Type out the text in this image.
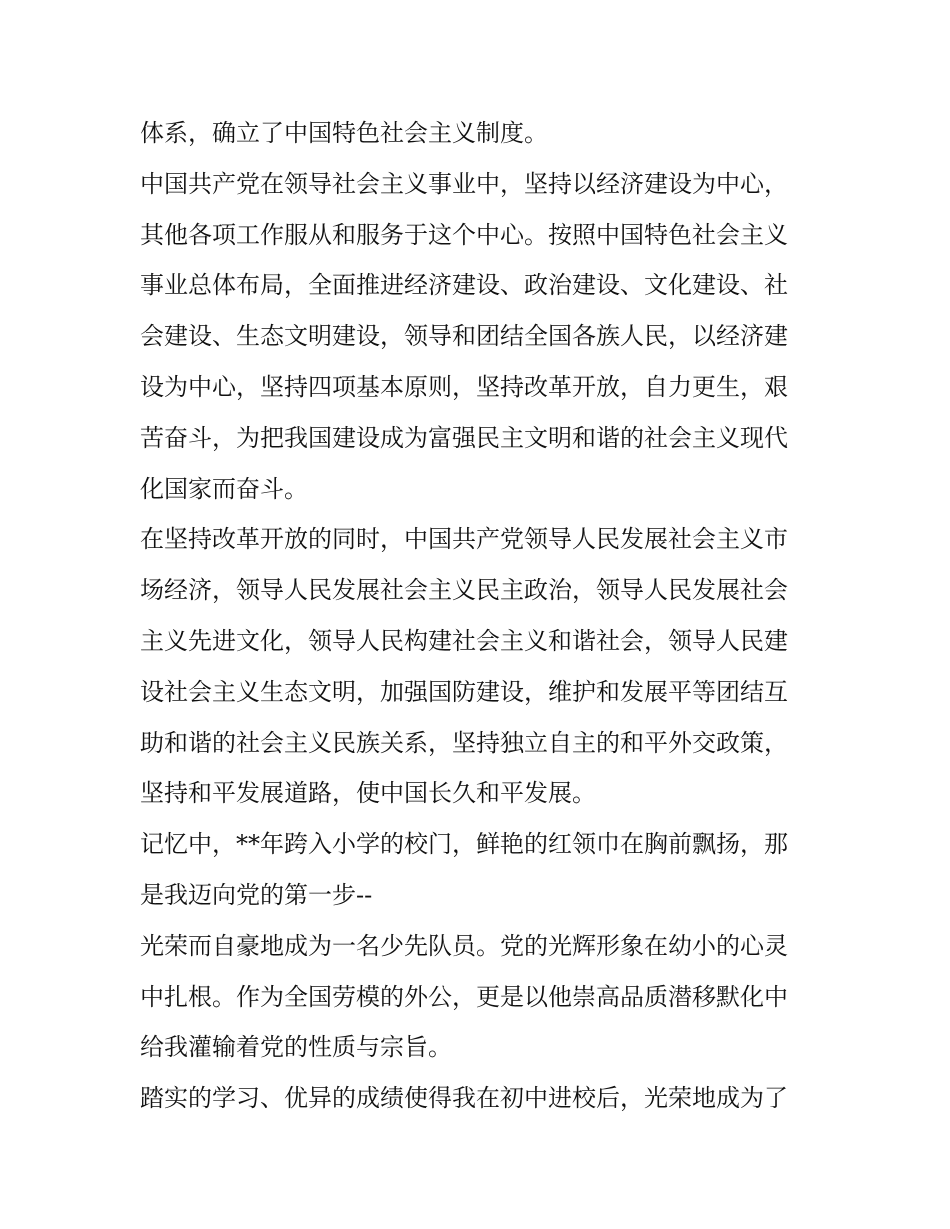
体系，确立了中国特色社会主义制度。
中国共产党在领导社会主义事业中，坚持以经济建设为中心，
其他各项工作服从和服务于这个中心。按照中国特色社会主义
事业总体布局，全面推进经济建设、政治建设、文化建设、社
会建设、生态文明建设，领导和团结全国各族人民，以经济建
设为中心，坚持四项基本原则，坚持改革开放，自力更生，艰
苦奋斗，为把我国建设成为富强民主文明和谐的社会主义现代
化国家而奋斗。
在坚持改革开放的同时，中国共产党领导人民发展社会主义市
场经济，领导人民发展社会主义民主政治，领导人民发展社会
主义先进文化，领导人民构建社会主义和谐社会，领导人民建
设社会主义生态文明，加强国防建设，维护和发展平等团结互
助和谐的社会主义民族关系，坚持独立自主的和平外交政策，
坚持和平发展道路，使中国长久和平发展。
记忆中，**年跨入小学的校门，鲜艳的红领巾在胸前飘扬，那
是我迈向党的第一步--
光荣而自豪地成为一名少先队员。党的光辉形象在幼小的心灵
中扎根。作为全国劳模的外公，更是以他崇高品质潜移默化中
给我灌输着党的性质与宗旨。
踏实的学习、优异的成绩使得我在初中进校后，光荣地成为了
